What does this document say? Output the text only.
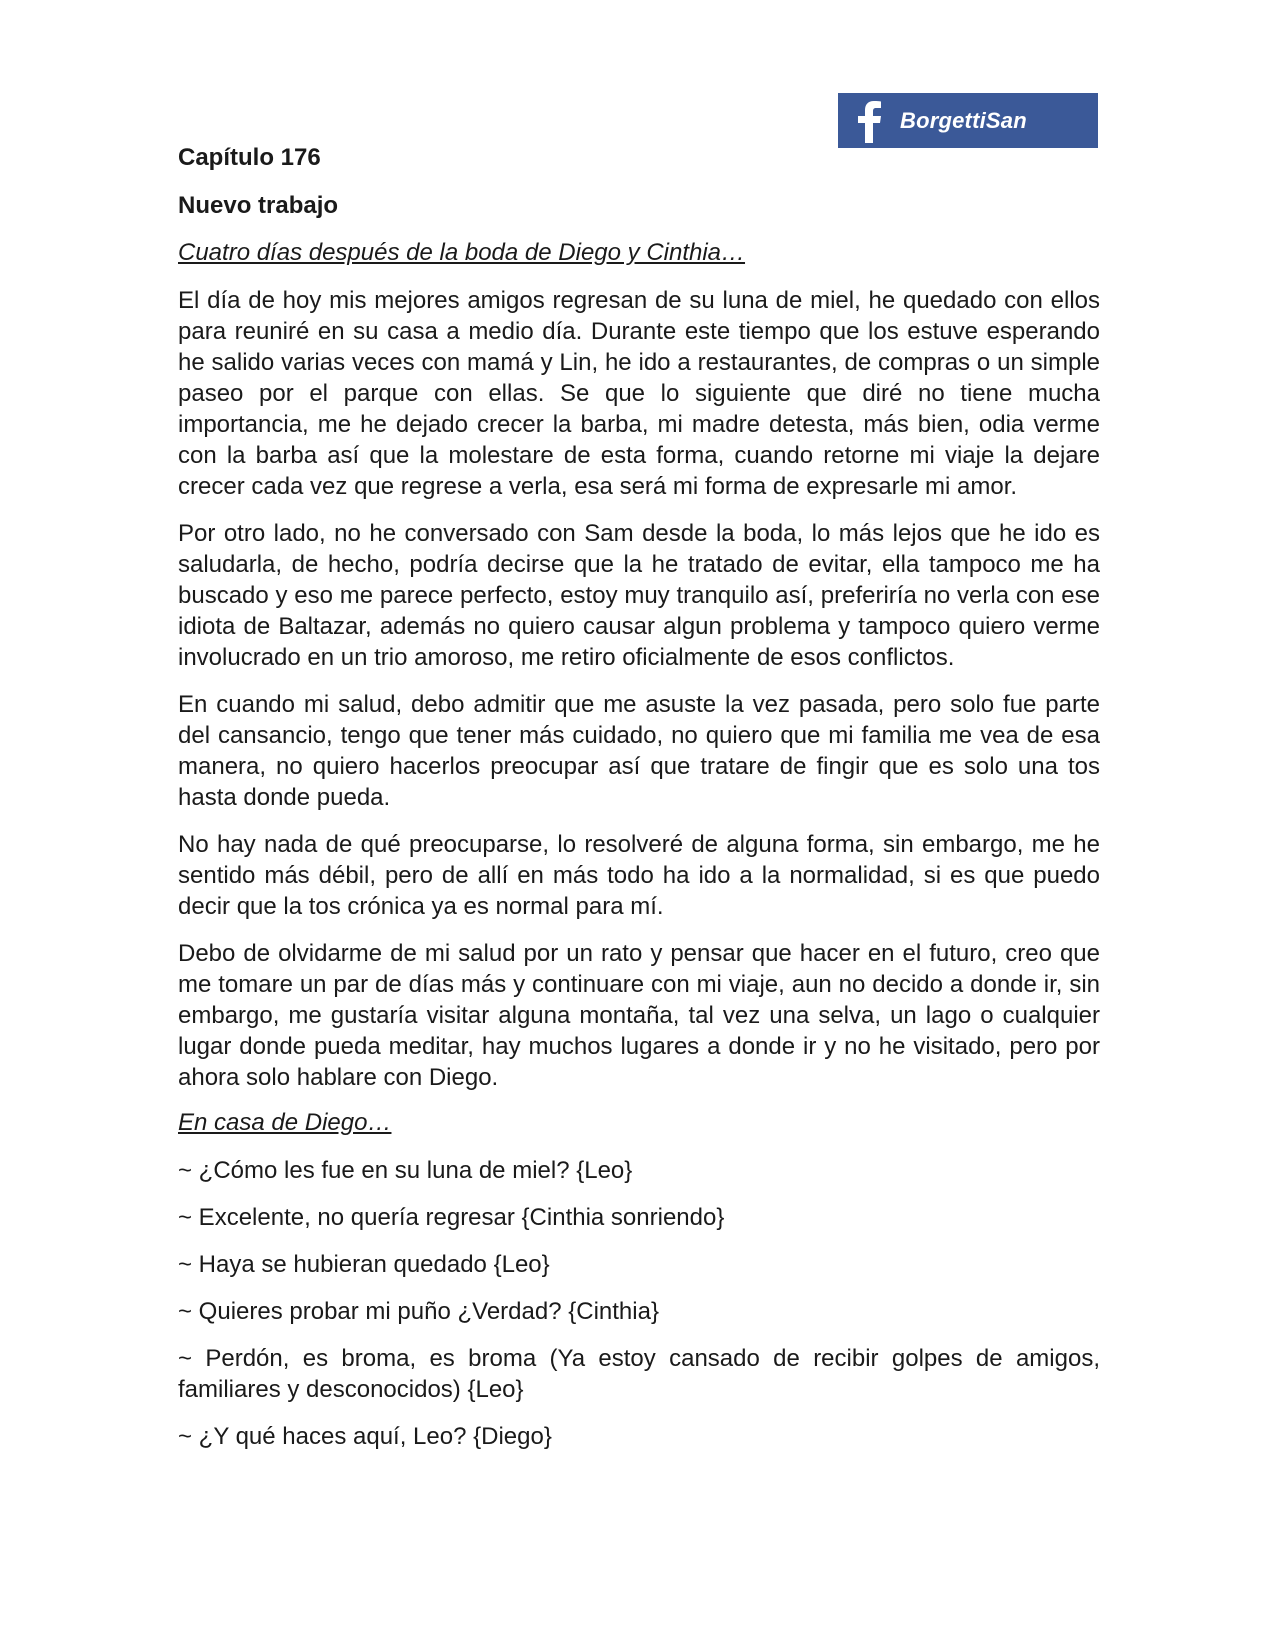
BorgettiSan
Capítulo 176
Nuevo trabajo
Cuatro días después de la boda de Diego y Cinthia…

El día de hoy mis mejores amigos regresan de su luna de miel, he quedado con ellos para reuniré en su casa a medio día. Durante este tiempo que los estuve esperando he salido varias veces con mamá y Lin, he ido a restaurantes, de compras o un simple paseo por el parque con ellas. Se que lo siguiente que diré no tiene mucha importancia, me he dejado crecer la barba, mi madre detesta, más bien, odia verme con la barba así que la molestare de esta forma, cuando retorne mi viaje la dejare crecer cada vez que regrese a verla, esa será mi forma de expresarle mi amor.

Por otro lado, no he conversado con Sam desde la boda, lo más lejos que he ido es saludarla, de hecho, podría decirse que la he tratado de evitar, ella tampoco me ha buscado y eso me parece perfecto, estoy muy tranquilo así, preferiría no verla con ese idiota de Baltazar, además no quiero causar algun problema y tampoco quiero verme involucrado en un trio amoroso, me retiro oficialmente de esos conflictos.

En cuando mi salud, debo admitir que me asuste la vez pasada, pero solo fue parte del cansancio, tengo que tener más cuidado, no quiero que mi familia me vea de esa manera, no quiero hacerlos preocupar así que tratare de fingir que es solo una tos hasta donde pueda.

No hay nada de qué preocuparse, lo resolveré de alguna forma, sin embargo, me he sentido más débil, pero de allí en más todo ha ido a la normalidad, si es que puedo decir que la tos crónica ya es normal para mí.

Debo de olvidarme de mi salud por un rato y pensar que hacer en el futuro, creo que me tomare un par de días más y continuare con mi viaje, aun no decido a donde ir, sin embargo, me gustaría visitar alguna montaña, tal vez una selva, un lago o cualquier lugar donde pueda meditar, hay muchos lugares a donde ir y no he visitado, pero por ahora solo hablare con Diego.

En casa de Diego…

~ ¿Cómo les fue en su luna de miel? {Leo}

~ Excelente, no quería regresar {Cinthia sonriendo}

~ Haya se hubieran quedado {Leo}

~ Quieres probar mi puño ¿Verdad? {Cinthia}

~ Perdón, es broma, es broma (Ya estoy cansado de recibir golpes de amigos, familiares y desconocidos) {Leo}

~ ¿Y qué haces aquí, Leo? {Diego}
